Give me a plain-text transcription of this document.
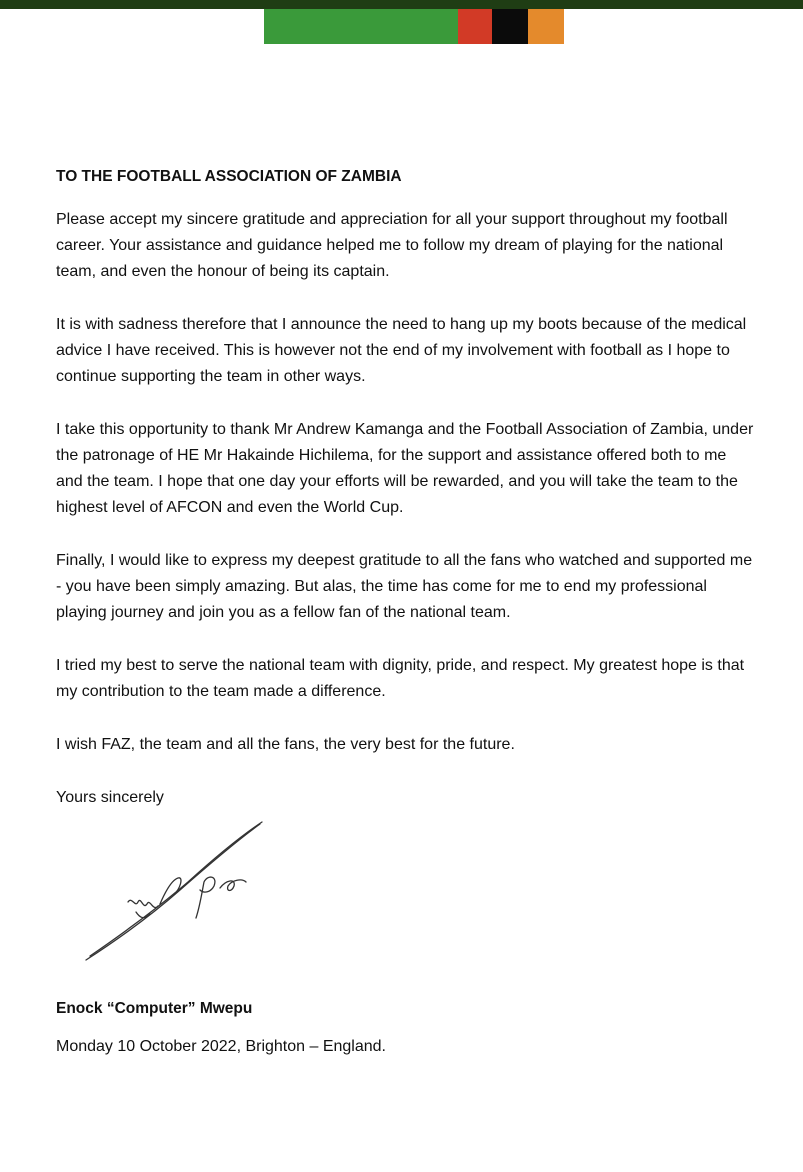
TO THE FOOTBALL ASSOCIATION OF ZAMBIA

Please accept my sincere gratitude and appreciation for all your support throughout my football career. Your assistance and guidance helped me to follow my dream of playing for the national team, and even the honour of being its captain.

It is with sadness therefore that I announce the need to hang up my boots because of the medical advice I have received. This is however not the end of my involvement with football as I hope to continue supporting the team in other ways.

I take this opportunity to thank Mr Andrew Kamanga and the Football Association of Zambia, under the patronage of HE Mr Hakainde Hichilema, for the support and assistance offered both to me and the team. I hope that one day your efforts will be rewarded, and you will take the team to the highest level of AFCON and even the World Cup.

Finally, I would like to express my deepest gratitude to all the fans who watched and supported me - you have been simply amazing. But alas, the time has come for me to end my professional playing journey and join you as a fellow fan of the national team.

I tried my best to serve the national team with dignity, pride, and respect. My greatest hope is that my contribution to the team made a difference.

I wish FAZ, the team and all the fans, the very best for the future.

Yours sincerely

Enock “Computer” Mwepu
Monday 10 October 2022, Brighton – England.
